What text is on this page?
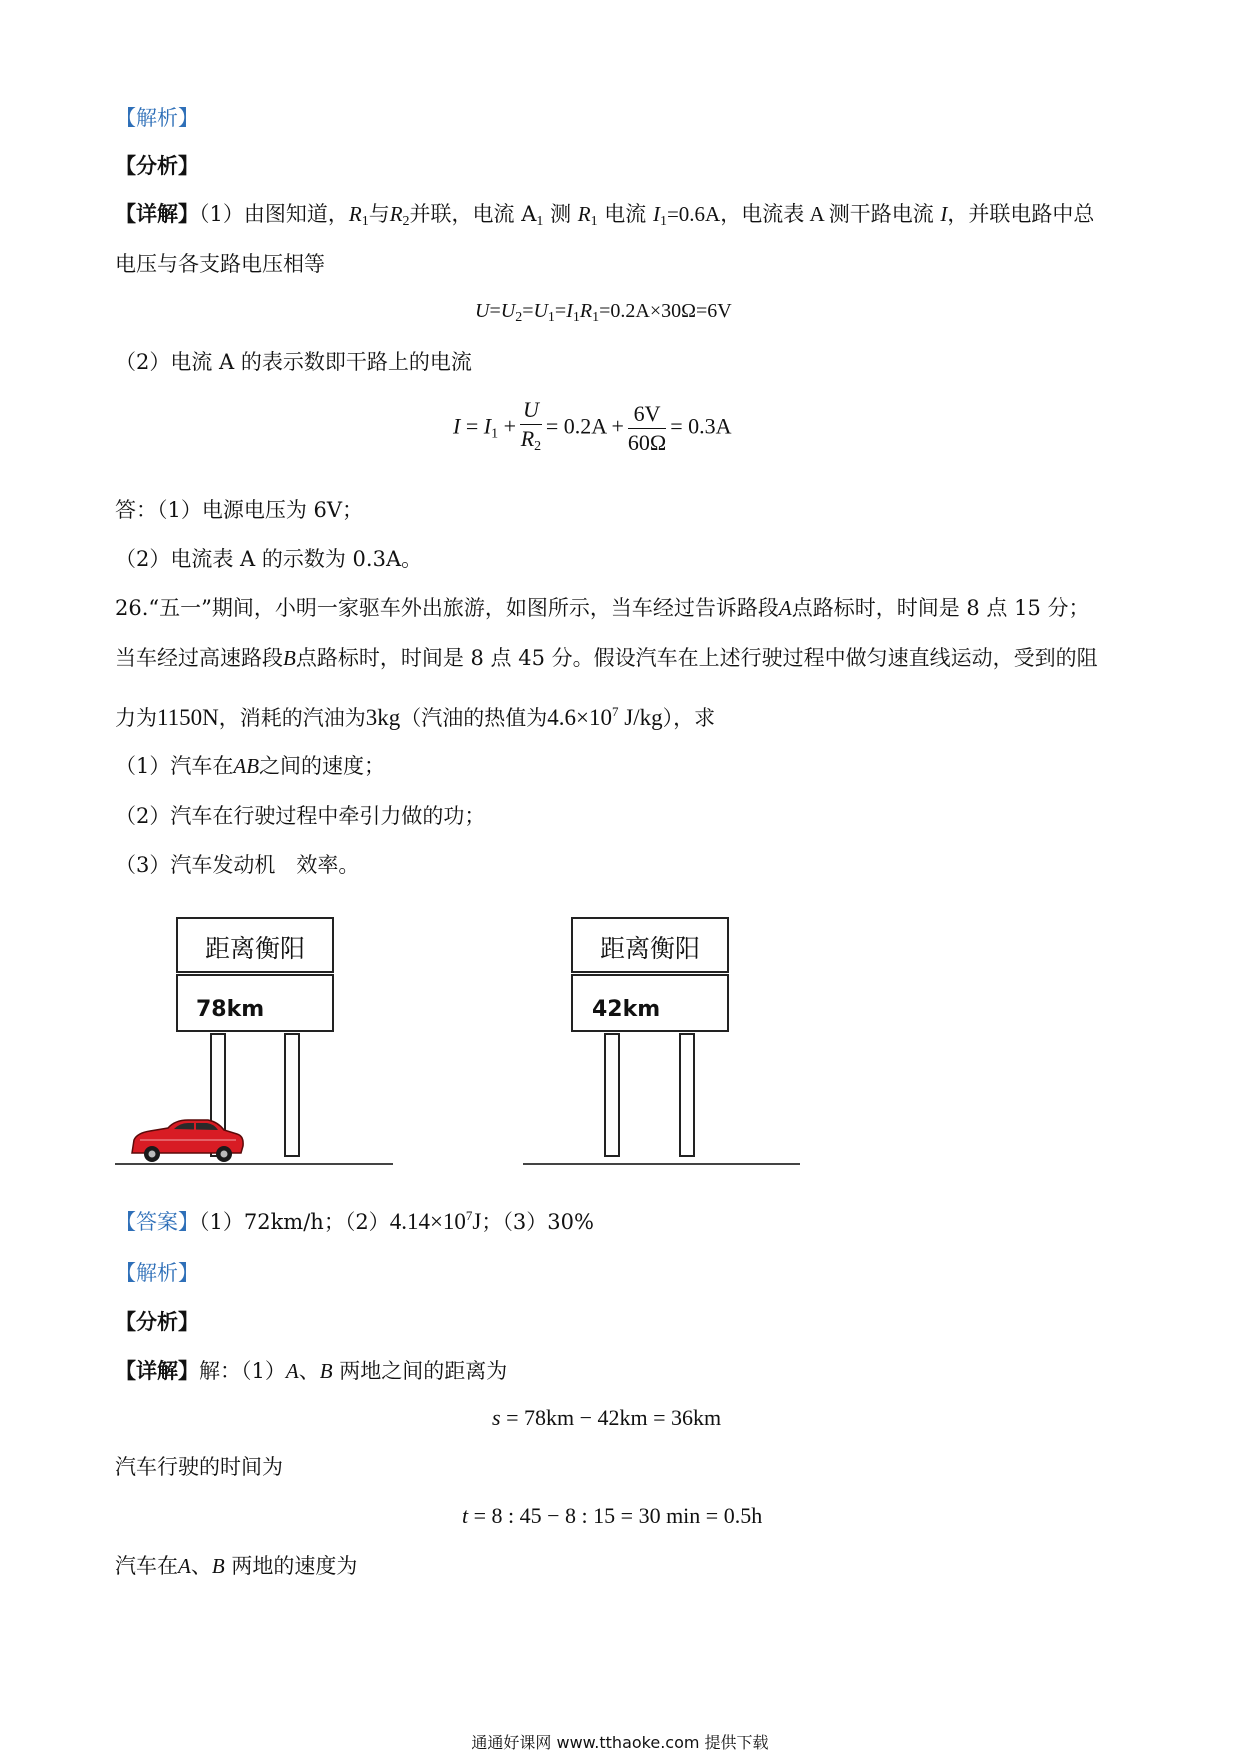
【解析】
【分析】
【详解】（1）由图知道，$R_1$与$R_2$并联，电流 $A_1$ 测 $R_1$ 电流 $I_1=0.6A$，电流表 A 测干路电流 I，并联电路中总
电压与各支路电压相等
$U=U_2=U_1=I_1R_1=0.2A\times 30\Omega=6V$
（2）电流 A 的表示数即干路上的电流
$I = I_1 + \frac{U}{R_2} = 0.2A + \frac{6V}{60\Omega} = 0.3A$
答：（1）电源电压为 6V；
（2）电流表 A 的示数为 0.3A。
26.“五一”期间，小明一家驱车外出旅游，如图所示，当车经过告诉路段A点路标时，时间是 8 点 15 分；
当车经过高速路段B点路标时，时间是 8 点 45 分。假设汽车在上述行驶过程中做匀速直线运动，受到的阻
力为1150N，消耗的汽油为3kg（汽油的热值为$4.6\times 10^7$ J/kg），求
（1）汽车在AB之间的速度；
（2）汽车在行驶过程中牵引力做的功；
（3）汽车发动机　效率。
距离衡阳
78km
距离衡阳
42km
【答案】（1）72km/h；$(2)4.14\times 10^7J$；（3）30%
【解析】
【分析】
【详解】解：（1）A、B 两地之间的距离为
s = 78km − 42km = 36km
汽车行驶的时间为
t = 8 : 45 − 8 : 15 = 30 min = 0.5h
汽车在A、B 两地的速度为
通通好课网 www.tthaoke.com 提供下载
